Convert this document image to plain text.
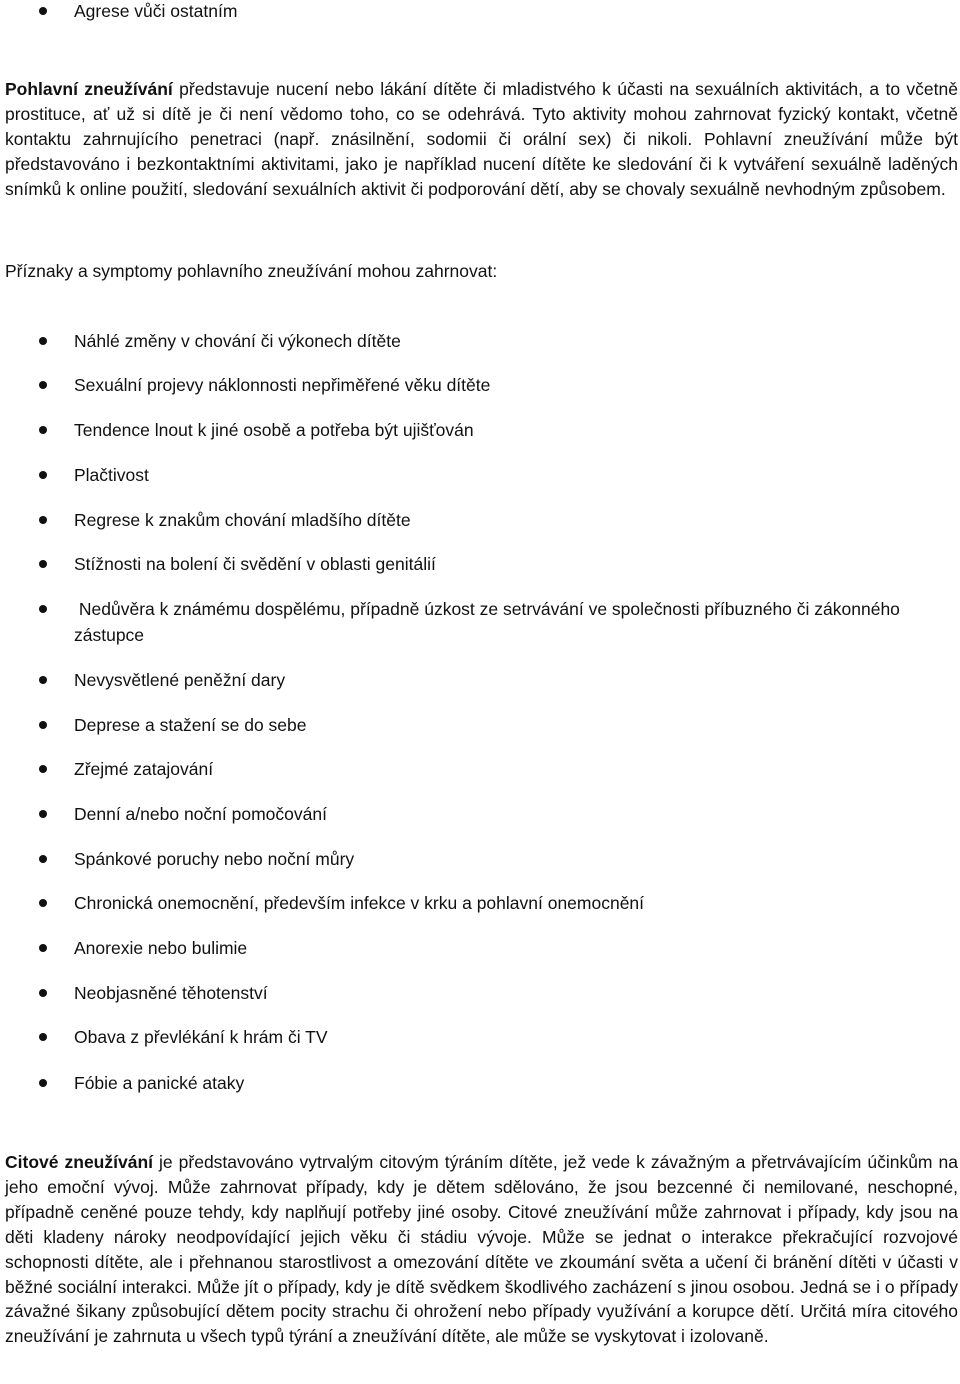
Agrese vůči ostatním
Pohlavní zneužívání představuje nucení nebo lákání dítěte či mladistvého k účasti na sexuálních aktivitách, a to včetně prostituce, ať už si dítě je či není vědomo toho, co se odehrává. Tyto aktivity mohou zahrnovat fyzický kontakt, včetně kontaktu zahrnujícího penetraci (např. znásilnění, sodomii či orální sex) či nikoli. Pohlavní zneužívání může být představováno i bezkontaktními aktivitami, jako je například nucení dítěte ke sledování či k vytváření sexuálně laděných snímků k online použití, sledování sexuálních aktivit či podporování dětí, aby se chovaly sexuálně nevhodným způsobem.
Příznaky a symptomy pohlavního zneužívání mohou zahrnovat:
Náhlé změny v chování či výkonech dítěte
Sexuální projevy náklonnosti nepřiměřené věku dítěte
Tendence lnout k jiné osobě a potřeba být ujišťován
Plačtivost
Regrese k znakům chování mladšího dítěte
Stížnosti na bolení či svědění v oblasti genitálií
Nedůvěra k známému dospělému, případně úzkost ze setrvávání ve společnosti příbuzného či zákonného zástupce
Nevysvětlené peněžní dary
Deprese a stažení se do sebe
Zřejmé zatajování
Denní a/nebo noční pomočování
Spánkové poruchy nebo noční můry
Chronická onemocnění, především infekce v krku a pohlavní onemocnění
Anorexie nebo bulimie
Neobjasněné těhotenství
Obava z převlékání k hrám či TV
Fóbie a panické ataky
Citové zneužívání je představováno vytrvalým citovým týráním dítěte, jež vede k závažným a přetrvávajícím účinkům na jeho emoční vývoj. Může zahrnovat případy, kdy je dětem sdělováno, že jsou bezcenné či nemilované, neschopné, případně ceněné pouze tehdy, kdy naplňují potřeby jiné osoby. Citové zneužívání může zahrnovat i případy, kdy jsou na děti kladeny nároky neodpovídající jejich věku či stádiu vývoje. Může se jednat o interakce překračující rozvojové schopnosti dítěte, ale i přehnanou starostlivost a omezování dítěte ve zkoumání světa a učení či bránění dítěti v účasti v běžné sociální interakci. Může jít o případy, kdy je dítě svědkem škodlivého zacházení s jinou osobou. Jedná se i o případy závažné šikany způsobující dětem pocity strachu či ohrožení nebo případy využívání a korupce dětí. Určitá míra citového zneužívání je zahrnuta u všech typů týrání a zneužívání dítěte, ale může se vyskytovat i izolovaně.
